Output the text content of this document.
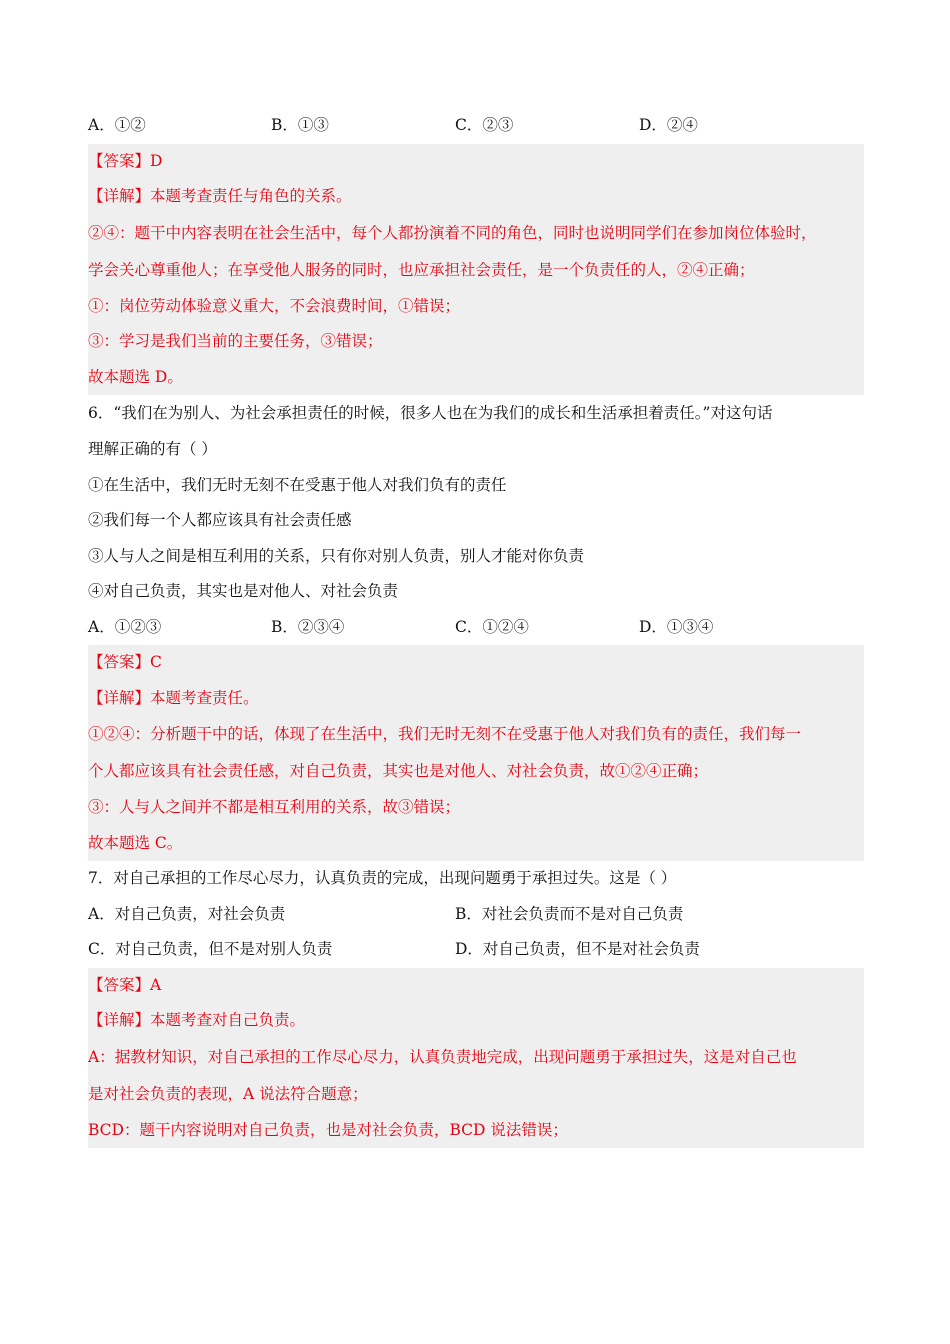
A．①②	B．①③	C．②③	D．②④
【答案】D
【详解】本题考查责任与角色的关系。
②④：题干中内容表明在社会生活中，每个人都扮演着不同的角色，同时也说明同学们在参加岗位体验时，
学会关心尊重他人；在享受他人服务的同时，也应承担社会责任，是一个负责任的人，②④正确；
①：岗位劳动体验意义重大，不会浪费时间，①错误；
③：学习是我们当前的主要任务，③错误；
故本题选 D。
6．“我们在为别人、为社会承担责任的时候，很多人也在为我们的成长和生活承担着责任。”对这句话
理解正确的有（ ）
①在生活中，我们无时无刻不在受惠于他人对我们负有的责任
②我们每一个人都应该具有社会责任感
③人与人之间是相互利用的关系，只有你对别人负责，别人才能对你负责
④对自己负责，其实也是对他人、对社会负责
A．①②③	B．②③④	C．①②④	D．①③④
【答案】C
【详解】本题考查责任。
①②④：分析题干中的话，体现了在生活中，我们无时无刻不在受惠于他人对我们负有的责任，我们每一
个人都应该具有社会责任感，对自己负责，其实也是对他人、对社会负责，故①②④正确；
③：人与人之间并不都是相互利用的关系，故③错误；
故本题选 C。
7．对自己承担的工作尽心尽力，认真负责的完成，出现问题勇于承担过失。这是（ ）
A．对自己负责，对社会负责	B．对社会负责而不是对自己负责
C．对自己负责，但不是对别人负责	D．对自己负责，但不是对社会负责
【答案】A
【详解】本题考查对自己负责。
A：据教材知识，对自己承担的工作尽心尽力，认真负责地完成，出现问题勇于承担过失，这是对自己也
是对社会负责的表现，A 说法符合题意；
BCD：题干内容说明对自己负责，也是对社会负责，BCD 说法错误；
